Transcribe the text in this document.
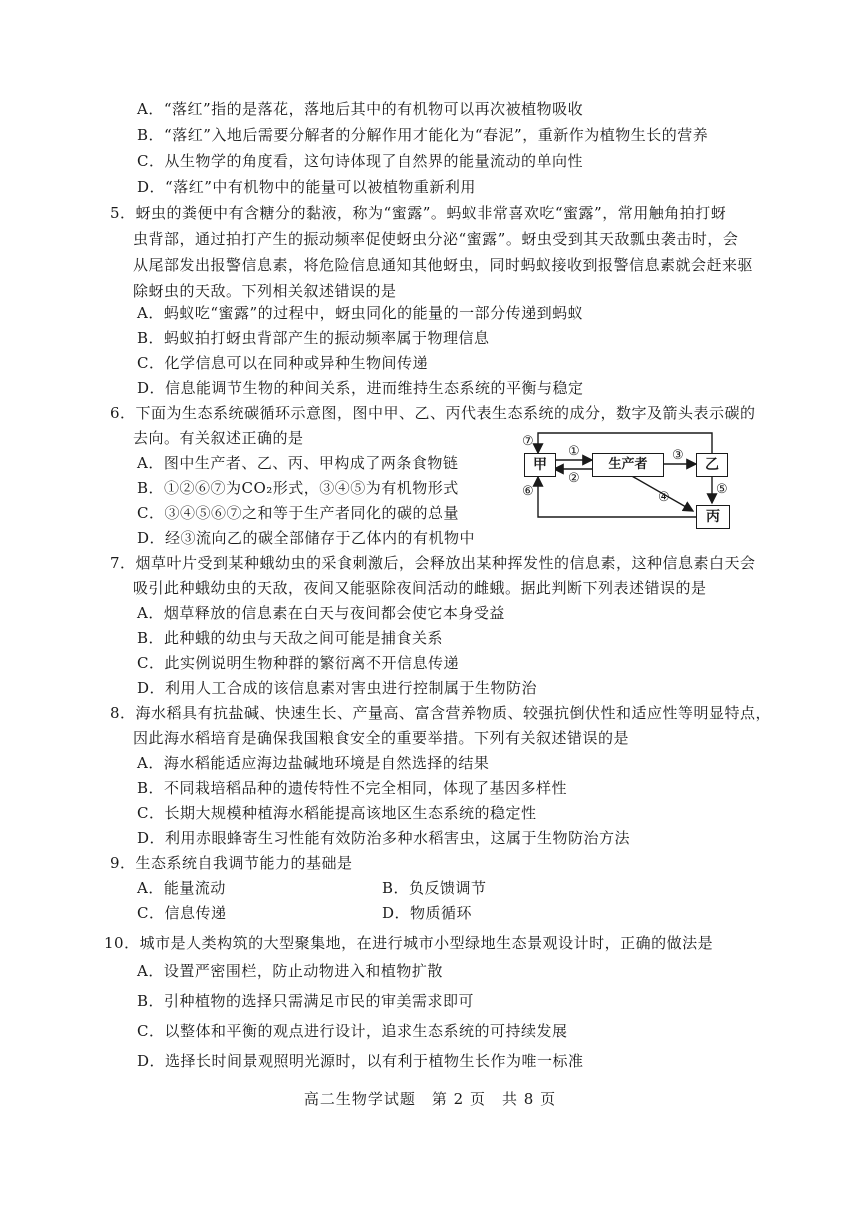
A．“落红”指的是落花，落地后其中的有机物可以再次被植物吸收
B．“落红”入地后需要分解者的分解作用才能化为“春泥”，重新作为植物生长的营养
C．从生物学的角度看，这句诗体现了自然界的能量流动的单向性
D．“落红”中有机物中的能量可以被植物重新利用
5．蚜虫的粪便中有含糖分的黏液，称为“蜜露”。蚂蚁非常喜欢吃“蜜露”，常用触角拍打蚜
虫背部，通过拍打产生的振动频率促使蚜虫分泌“蜜露”。蚜虫受到其天敌瓢虫袭击时，会
从尾部发出报警信息素，将危险信息通知其他蚜虫，同时蚂蚁接收到报警信息素就会赶来驱
除蚜虫的天敌。下列相关叙述错误的是
A．蚂蚁吃“蜜露”的过程中，蚜虫同化的能量的一部分传递到蚂蚁
B．蚂蚁拍打蚜虫背部产生的振动频率属于物理信息
C．化学信息可以在同种或异种生物间传递
D．信息能调节生物的种间关系，进而维持生态系统的平衡与稳定
6．下面为生态系统碳循环示意图，图中甲、乙、丙代表生态系统的成分，数字及箭头表示碳的
去向。有关叙述正确的是
A．图中生产者、乙、丙、甲构成了两条食物链
B．①②⑥⑦为CO₂形式，③④⑤为有机物形式
C．③④⑤⑥⑦之和等于生产者同化的碳的总量
D．经③流向乙的碳全部储存于乙体内的有机物中
甲	生产者	乙
丙
⑦
①
②
③
④
⑤
⑥
7．烟草叶片受到某种蛾幼虫的采食刺激后，会释放出某种挥发性的信息素，这种信息素白天会
吸引此种蛾幼虫的天敌，夜间又能驱除夜间活动的雌蛾。据此判断下列表述错误的是
A．烟草释放的信息素在白天与夜间都会使它本身受益
B．此种蛾的幼虫与天敌之间可能是捕食关系
C．此实例说明生物种群的繁衍离不开信息传递
D．利用人工合成的该信息素对害虫进行控制属于生物防治
8．海水稻具有抗盐碱、快速生长、产量高、富含营养物质、较强抗倒伏性和适应性等明显特点，
因此海水稻培育是确保我国粮食安全的重要举措。下列有关叙述错误的是
A．海水稻能适应海边盐碱地环境是自然选择的结果
B．不同栽培稻品种的遗传特性不完全相同，体现了基因多样性
C．长期大规模种植海水稻能提高该地区生态系统的稳定性
D．利用赤眼蜂寄生习性能有效防治多种水稻害虫，这属于生物防治方法
9．生态系统自我调节能力的基础是
A．能量流动	B．负反馈调节
C．信息传递	D．物质循环
10．城市是人类构筑的大型聚集地，在进行城市小型绿地生态景观设计时，正确的做法是
A．设置严密围栏，防止动物进入和植物扩散
B．引种植物的选择只需满足市民的审美需求即可
C．以整体和平衡的观点进行设计，追求生态系统的可持续发展
D．选择长时间景观照明光源时，以有利于植物生长作为唯一标准
高二生物学试题　第 2 页　共 8 页
